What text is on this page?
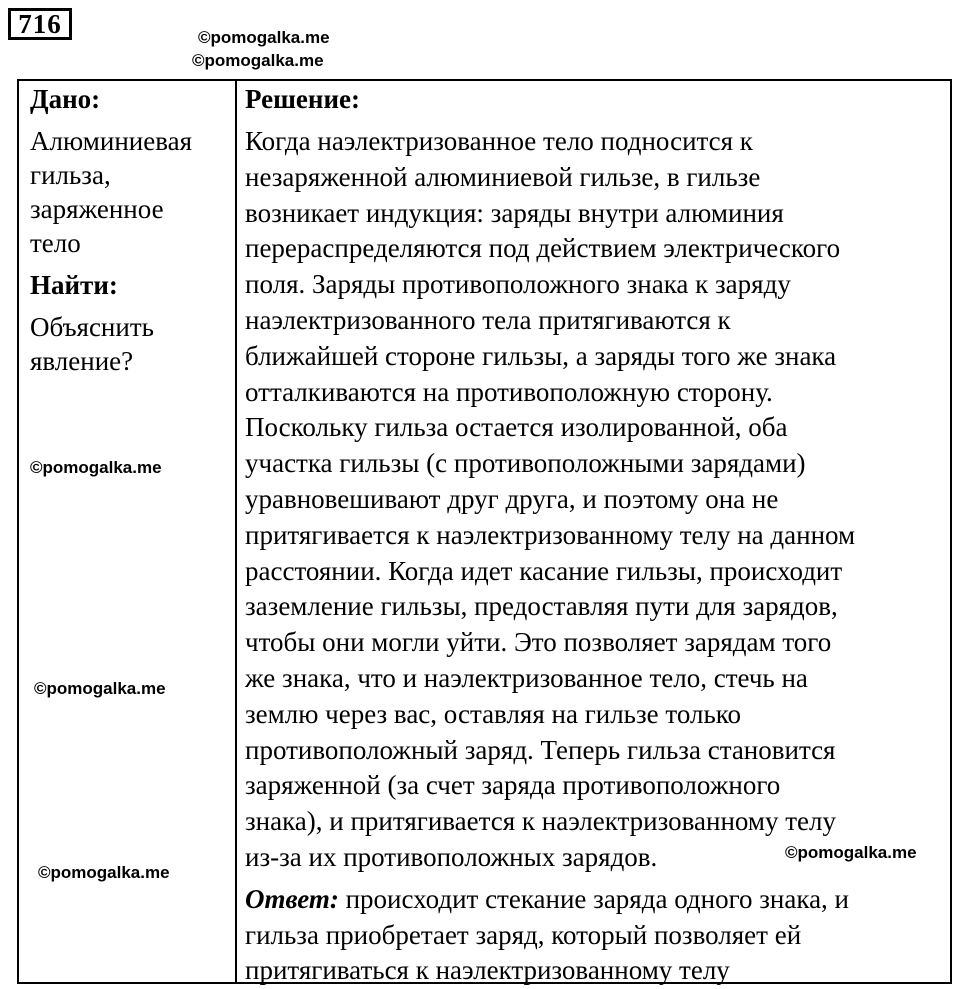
716	©pomogalka.me
©pomogalka.me
©pomogalka.me
©pomogalka.me
©pomogalka.me
Дано:
Алюминиевая
гильза,
заряженное
тело
Найти:
Объяснить
явление?
Решение:
Когда наэлектризованное тело подносится к
незаряженной алюминиевой гильзе, в гильзе
возникает индукция: заряды внутри алюминия
перераспределяются под действием электрического
поля. Заряды противоположного знака к заряду
наэлектризованного тела притягиваются к
ближайшей стороне гильзы, а заряды того же знака
отталкиваются на противоположную сторону.
Поскольку гильза остается изолированной, оба
участка гильзы (с противоположными зарядами)
уравновешивают друг друга, и поэтому она не
притягивается к наэлектризованному телу на данном
расстоянии. Когда идет касание гильзы, происходит
заземление гильзы, предоставляя пути для зарядов,
чтобы они могли уйти. Это позволяет зарядам того
же знака, что и наэлектризованное тело, стечь на
землю через вас, оставляя на гильзе только
противоположный заряд. Теперь гильза становится
заряженной (за счет заряда противоположного
знака), и притягивается к наэлектризованному телу
из-за их противоположных зарядов.	©pomogalka.me
Ответ: происходит стекание заряда одного знака, и
гильза приобретает заряд, который позволяет ей
притягиваться к наэлектризованному телу
